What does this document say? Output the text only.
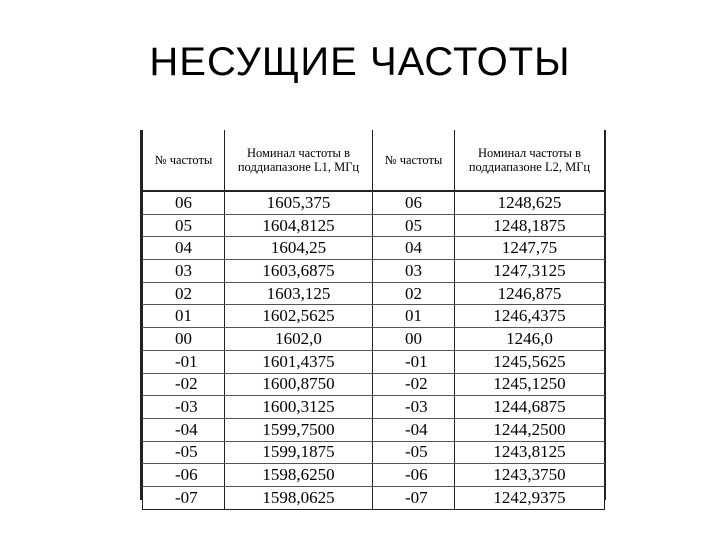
НЕСУЩИЕ ЧАСТОТЫ
№ частоты	Номинал частоты в поддиапазоне L1, МГц	№ частоты	Номинал частоты в поддиапазоне L2, МГц
06	1605,375	06	1248,625
05	1604,8125	05	1248,1875
04	1604,25	04	1247,75
03	1603,6875	03	1247,3125
02	1603,125	02	1246,875
01	1602,5625	01	1246,4375
00	1602,0	00	1246,0
-01	1601,4375	-01	1245,5625
-02	1600,8750	-02	1245,1250
-03	1600,3125	-03	1244,6875
-04	1599,7500	-04	1244,2500
-05	1599,1875	-05	1243,8125
-06	1598,6250	-06	1243,3750
-07	1598,0625	-07	1242,9375
